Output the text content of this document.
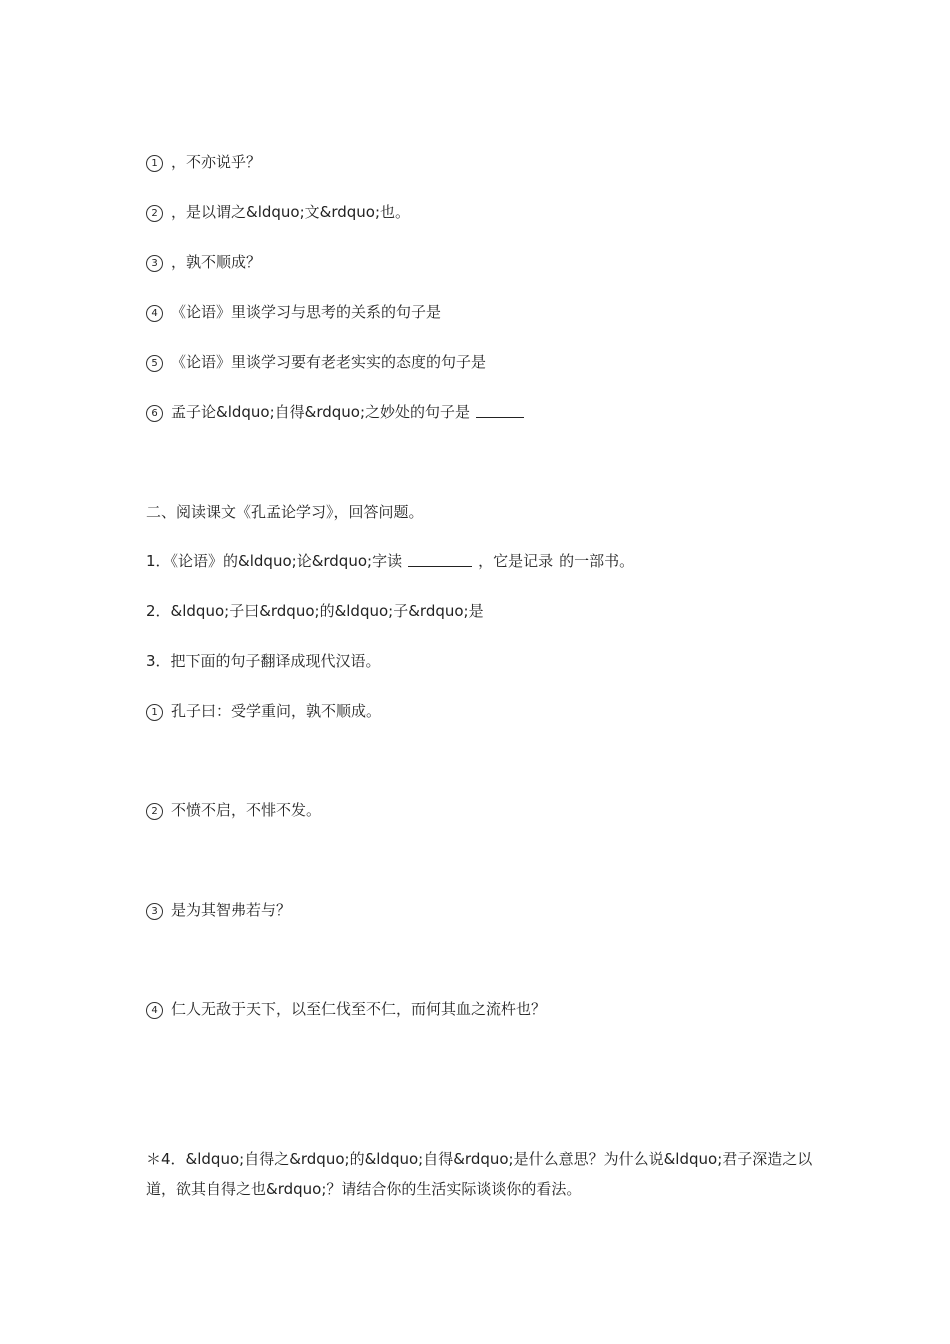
1 ，不亦说乎？
2 ，是以谓之&ldquo;文&rdquo;也。
3 ，孰不顺成？
4 《论语》里谈学习与思考的关系的句子是
5 《论语》里谈学习要有老老实实的态度的句子是
6 孟子论&ldquo;自得&rdquo;之妙处的句子是
二、阅读课文《孔孟论学习》，回答问题。
1．《论语》的&ldquo;论&rdquo;字读	，它是记录 的一部书。
2．&ldquo;子曰&rdquo;的&ldquo;子&rdquo;是
3．把下面的句子翻译成现代汉语。
1 孔子曰：受学重问，孰不顺成。
2 不愤不启，不悱不发。
3 是为其智弗若与？
4 仁人无敌于天下，以至仁伐至不仁，而何其血之流杵也？
＊4．&ldquo;自得之&rdquo;的&ldquo;自得&rdquo;是什么意思？为什么说&ldquo;君子深造之以道，欲其自得之也&rdquo;？请结合你的生活实际谈谈你的看法。
